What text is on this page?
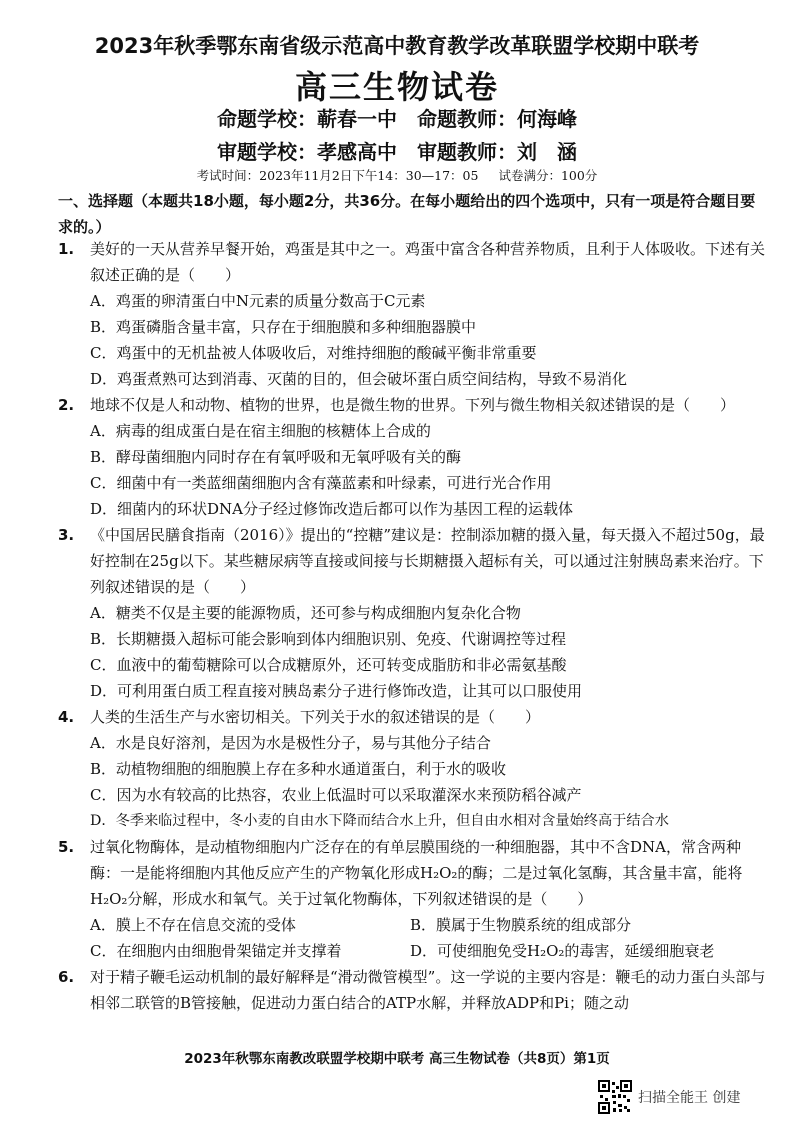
2023年秋季鄂东南省级示范高中教育教学改革联盟学校期中联考
高三生物试卷
命题学校：蕲春一中　命题教师：何海峰
审题学校：孝感高中　审题教师：刘　涵
考试时间：2023年11月2日下午14：30—17：05 试卷满分：100分
一、选择题（本题共18小题，每小题2分，共36分。在每小题给出的四个选项中，只有一项是符合题目要求的。）
1.	美好的一天从营养早餐开始，鸡蛋是其中之一。鸡蛋中富含各种营养物质，且利于人体吸收。下述有关叙述正确的是（　　）
A．鸡蛋的卵清蛋白中N元素的质量分数高于C元素
B．鸡蛋磷脂含量丰富，只存在于细胞膜和多种细胞器膜中
C．鸡蛋中的无机盐被人体吸收后，对维持细胞的酸碱平衡非常重要
D．鸡蛋煮熟可达到消毒、灭菌的目的，但会破坏蛋白质空间结构，导致不易消化
2.	地球不仅是人和动物、植物的世界，也是微生物的世界。下列与微生物相关叙述错误的是（　　）
A．病毒的组成蛋白是在宿主细胞的核糖体上合成的
B．酵母菌细胞内同时存在有氧呼吸和无氧呼吸有关的酶
C．细菌中有一类蓝细菌细胞内含有藻蓝素和叶绿素，可进行光合作用
D．细菌内的环状DNA分子经过修饰改造后都可以作为基因工程的运载体
3.	《中国居民膳食指南（2016）》提出的“控糖”建议是：控制添加糖的摄入量，每天摄入不超过50g，最好控制在25g以下。某些糖尿病等直接或间接与长期糖摄入超标有关，可以通过注射胰岛素来治疗。下列叙述错误的是（　　）
A．糖类不仅是主要的能源物质，还可参与构成细胞内复杂化合物
B．长期糖摄入超标可能会影响到体内细胞识别、免疫、代谢调控等过程
C．血液中的葡萄糖除可以合成糖原外，还可转变成脂肪和非必需氨基酸
D．可利用蛋白质工程直接对胰岛素分子进行修饰改造，让其可以口服使用
4.	人类的生活生产与水密切相关。下列关于水的叙述错误的是（　　）
A．水是良好溶剂，是因为水是极性分子，易与其他分子结合
B．动植物细胞的细胞膜上存在多种水通道蛋白，利于水的吸收
C．因为水有较高的比热容，农业上低温时可以采取灌深水来预防稻谷减产
D．冬季来临过程中，冬小麦的自由水下降而结合水上升，但自由水相对含量始终高于结合水
5.	过氧化物酶体，是动植物细胞内广泛存在的有单层膜围绕的一种细胞器，其中不含DNA，常含两种酶：一是能将细胞内其他反应产生的产物氧化形成H₂O₂的酶；二是过氧化氢酶，其含量丰富，能将H₂O₂分解，形成水和氧气。关于过氧化物酶体，下列叙述错误的是（　　）
A．膜上不存在信息交流的受体	B．膜属于生物膜系统的组成部分
C．在细胞内由细胞骨架锚定并支撑着	D．可使细胞免受H₂O₂的毒害，延缓细胞衰老
6.	对于精子鞭毛运动机制的最好解释是“滑动微管模型”。这一学说的主要内容是：鞭毛的动力蛋白头部与相邻二联管的B管接触，促进动力蛋白结合的ATP水解，并释放ADP和Pi；随之动
2023年秋鄂东南教改联盟学校期中联考 高三生物试卷（共8页）第1页
扫描全能王 创建
